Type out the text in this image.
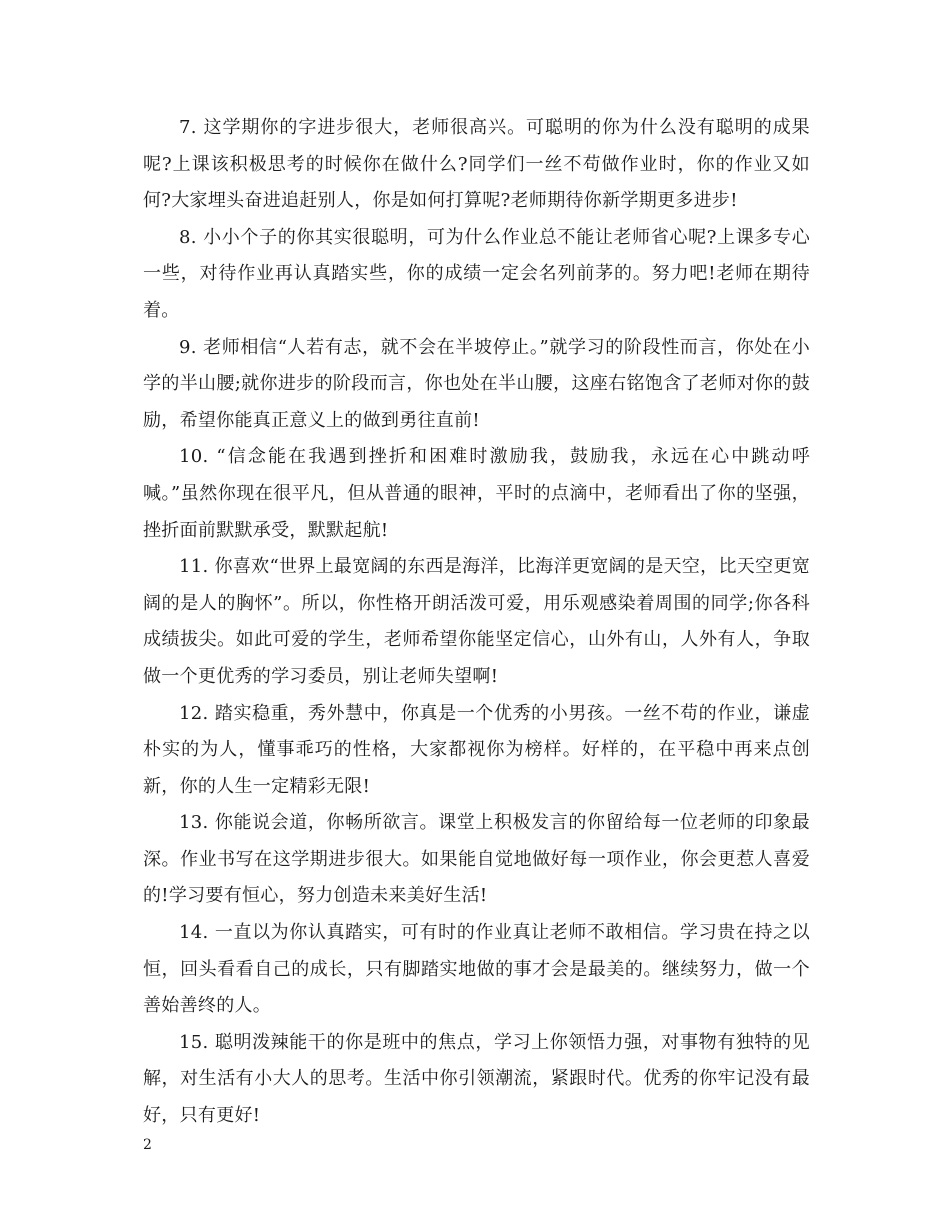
7. 这学期你的字进步很大，老师很高兴。可聪明的你为什么没有聪明的成果呢?上课该积极思考的时候你在做什么?同学们一丝不苟做作业时，你的作业又如何?大家埋头奋进追赶别人，你是如何打算呢?老师期待你新学期更多进步!

8. 小小个子的你其实很聪明，可为什么作业总不能让老师省心呢?上课多专心一些，对待作业再认真踏实些，你的成绩一定会名列前茅的。努力吧!老师在期待着。

9. 老师相信“人若有志，就不会在半坡停止。”就学习的阶段性而言，你处在小学的半山腰;就你进步的阶段而言，你也处在半山腰，这座右铭饱含了老师对你的鼓励，希望你能真正意义上的做到勇往直前!

10. “信念能在我遇到挫折和困难时激励我，鼓励我，永远在心中跳动呼喊。”虽然你现在很平凡，但从普通的眼神，平时的点滴中，老师看出了你的坚强，挫折面前默默承受，默默起航!

11. 你喜欢“世界上最宽阔的东西是海洋，比海洋更宽阔的是天空，比天空更宽阔的是人的胸怀”。所以，你性格开朗活泼可爱，用乐观感染着周围的同学;你各科成绩拔尖。如此可爱的学生，老师希望你能坚定信心，山外有山，人外有人，争取做一个更优秀的学习委员，别让老师失望啊!

12. 踏实稳重，秀外慧中，你真是一个优秀的小男孩。一丝不苟的作业，谦虚朴实的为人，懂事乖巧的性格，大家都视你为榜样。好样的，在平稳中再来点创新，你的人生一定精彩无限!

13. 你能说会道，你畅所欲言。课堂上积极发言的你留给每一位老师的印象最深。作业书写在这学期进步很大。如果能自觉地做好每一项作业，你会更惹人喜爱的!学习要有恒心，努力创造未来美好生活!

14. 一直以为你认真踏实，可有时的作业真让老师不敢相信。学习贵在持之以恒，回头看看自己的成长，只有脚踏实地做的事才会是最美的。继续努力，做一个善始善终的人。

15. 聪明泼辣能干的你是班中的焦点，学习上你领悟力强，对事物有独特的见解，对生活有小大人的思考。生活中你引领潮流，紧跟时代。优秀的你牢记没有最好，只有更好!

2
